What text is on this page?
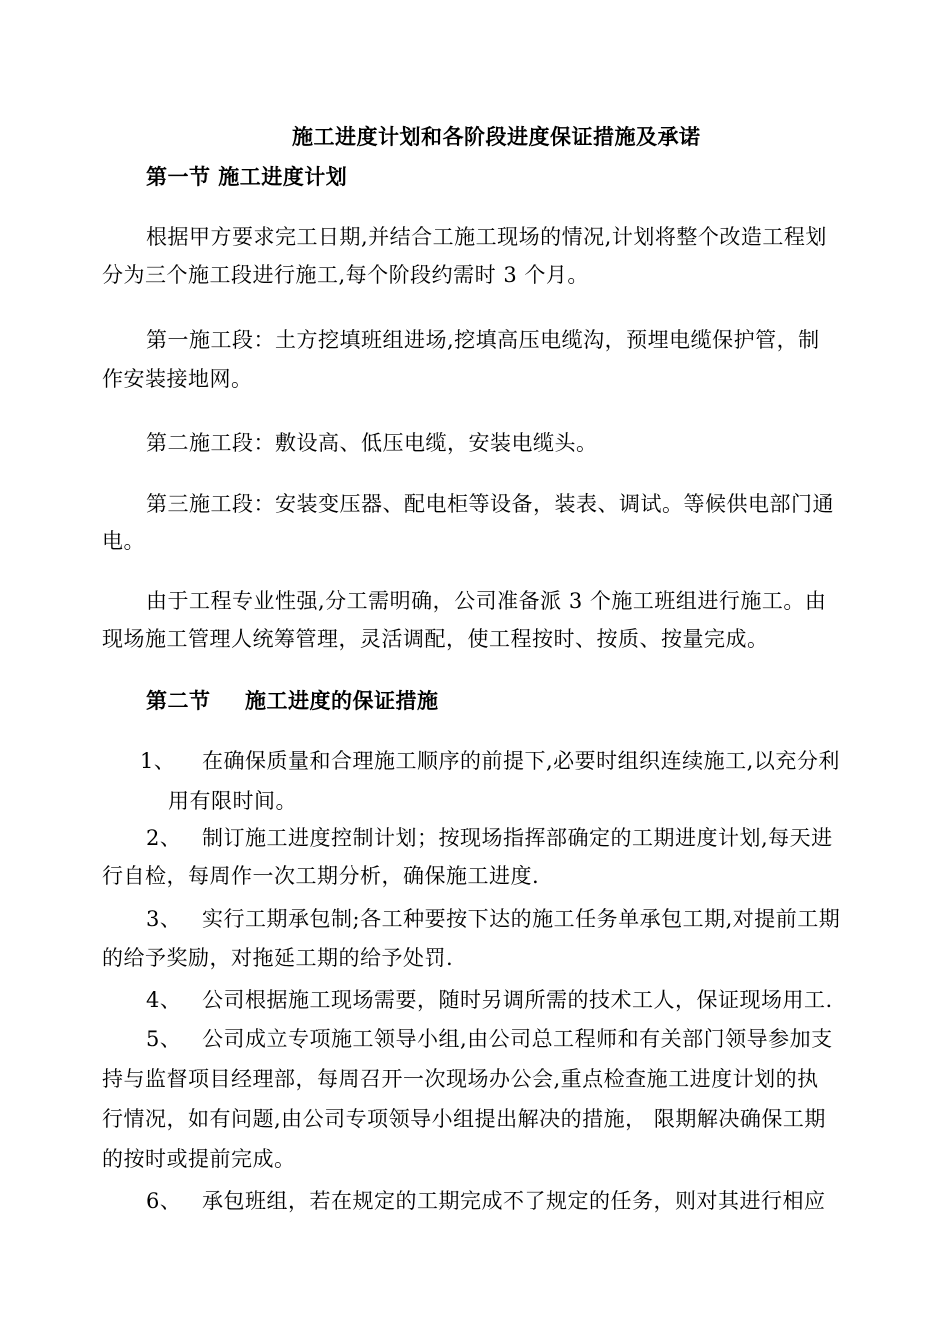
施工进度计划和各阶段进度保证措施及承诺
第一节 施工进度计划
根据甲方要求完工日期,并结合工施工现场的情况,计划将整个改造工程划
分为三个施工段进行施工,每个阶段约需时 3 个月。
第一施工段：土方挖填班组进场,挖填高压电缆沟，预埋电缆保护管，制
作安装接地网。
第二施工段：敷设高、低压电缆，安装电缆头。
第三施工段：安装变压器、配电柜等设备，装表、调试。等候供电部门通
电。
由于工程专业性强,分工需明确，公司准备派 3 个施工班组进行施工。由
现场施工管理人统筹管理，灵活调配，使工程按时、按质、按量完成。
第二节 施工进度的保证措施
1、 在确保质量和合理施工顺序的前提下,必要时组织连续施工,以充分利
用有限时间。
2、 制订施工进度控制计划；按现场指挥部确定的工期进度计划,每天进
行自检，每周作一次工期分析，确保施工进度.
3、 实行工期承包制;各工种要按下达的施工任务单承包工期,对提前工期
的给予奖励，对拖延工期的给予处罚.
4、 公司根据施工现场需要，随时另调所需的技术工人，保证现场用工.
5、 公司成立专项施工领导小组,由公司总工程师和有关部门领导参加支
持与监督项目经理部，每周召开一次现场办公会,重点检查施工进度计划的执
行情况，如有问题,由公司专项领导小组提出解决的措施， 限期解决确保工期
的按时或提前完成。
6、 承包班组，若在规定的工期完成不了规定的任务，则对其进行相应
